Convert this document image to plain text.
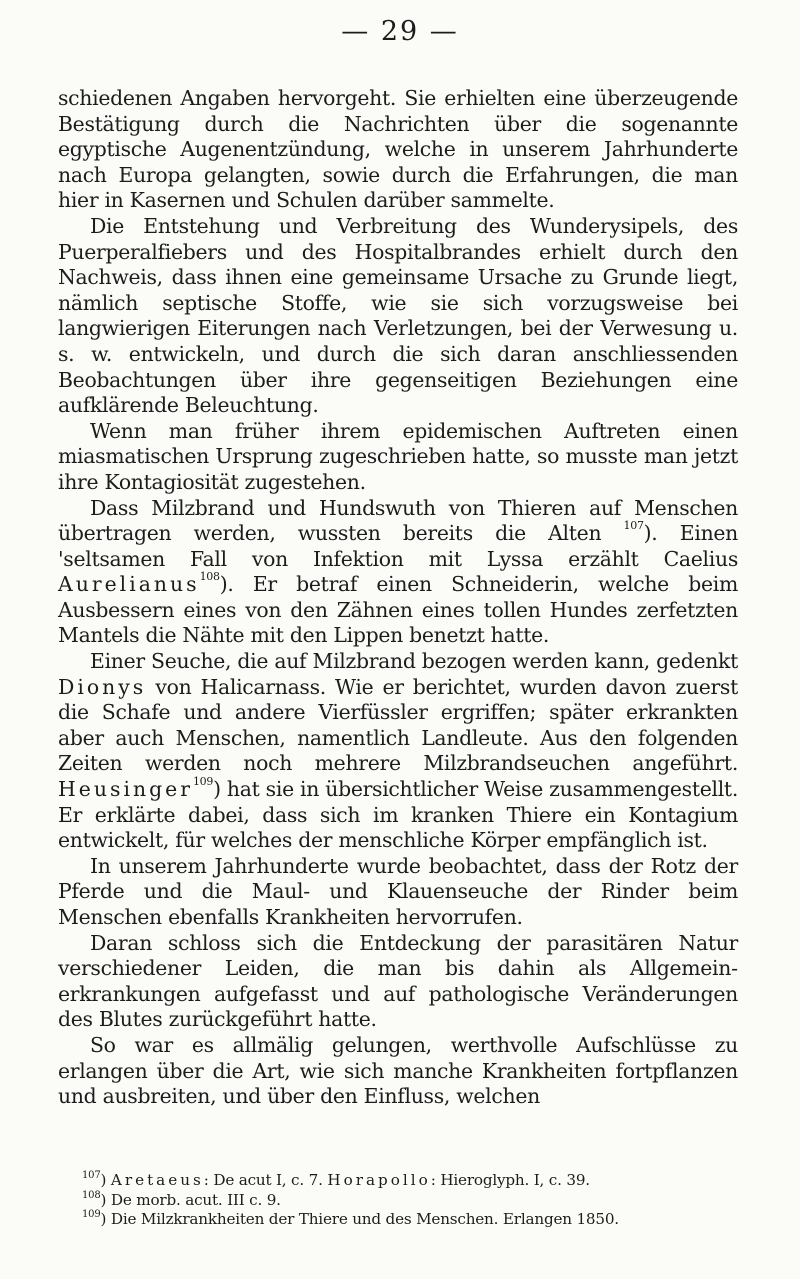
— 29 —

schiedenen Angaben hervorgeht. Sie erhielten eine überzeugende Bestätigung durch die Nachrichten über die sogenannte egyptische Augenentzündung, welche in unserem Jahrhunderte nach Europa gelangten, sowie durch die Erfahrungen, die man hier in Kasernen und Schulen darüber sammelte.

Die Entstehung und Verbreitung des Wunderysipels, des Puerperalfiebers und des Hospitalbrandes erhielt durch den Nachweis, dass ihnen eine gemeinsame Ursache zu Grunde liegt, nämlich septische Stoffe, wie sie sich vorzugsweise bei langwierigen Eiterungen nach Verletzungen, bei der Verwesung u. s. w. entwickeln, und durch die sich daran anschliessenden Beobachtungen über ihre gegenseitigen Beziehungen eine aufklärende Beleuchtung.

Wenn man früher ihrem epidemischen Auftreten einen miasmatischen Ursprung zugeschrieben hatte, so musste man jetzt ihre Kontagiosität zugestehen.

Dass Milzbrand und Hundswuth von Thieren auf Menschen übertragen werden, wussten bereits die Alten $^{107}$). Einen 'seltsamen Fall von Infektion mit Lyssa erzählt Caelius Aurelianus$^{108}$). Er betraf einen Schneiderin, welche beim Ausbessern eines von den Zähnen eines tollen Hundes zerfetzten Mantels die Nähte mit den Lippen benetzt hatte.

Einer Seuche, die auf Milzbrand bezogen werden kann, gedenkt Dionys von Halicarnass. Wie er berichtet, wurden davon zuerst die Schafe und andere Vierfüssler ergriffen; später erkrankten aber auch Menschen, namentlich Landleute. Aus den folgenden Zeiten werden noch mehrere Milzbrandseuchen angeführt. Heusinger$^{109}$) hat sie in übersichtlicher Weise zusammengestellt. Er erklärte dabei, dass sich im kranken Thiere ein Kontagium entwickelt, für welches der menschliche Körper empfänglich ist.

In unserem Jahrhunderte wurde beobachtet, dass der Rotz der Pferde und die Maul- und Klauenseuche der Rinder beim Menschen ebenfalls Krankheiten hervorrufen.

Daran schloss sich die Entdeckung der parasitären Natur verschiedener Leiden, die man bis dahin als Allgemeinerkrankungen aufgefasst und auf pathologische Veränderungen des Blutes zurückgeführt hatte.

So war es allmälig gelungen, werthvolle Aufschlüsse zu erlangen über die Art, wie sich manche Krankheiten fortpflanzen und ausbreiten, und über den Einfluss, welchen

$^{107}$) Aretaeus: De acut I, c. 7. Horapollo: Hieroglyph. I, c. 39.

$^{108}$) De morb. acut. III c. 9.

$^{109}$) Die Milzkrankheiten der Thiere und des Menschen. Erlangen 1850.
